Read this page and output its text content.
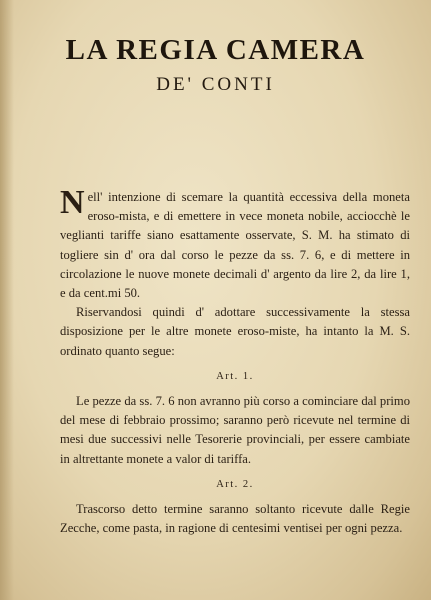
LA REGIA CAMERA
DE' CONTI

Nell' intenzione di scemare la quantità eccessiva della moneta eroso-mista, e di emettere in vece moneta nobile, acciocchè le veglianti tariffe siano esattamente osservate, S. M. ha stimato di togliere sin d' ora dal corso le pezze da ss. 7. 6, e di mettere in circolazione le nuove monete decimali d' argento da lire 2, da lire 1, e da cent.mi 50.

Riservandosi quindi d' adottare successivamente la stessa disposizione per le altre monete eroso-miste, ha intanto la M. S. ordinato quanto segue:

Art. 1.

Le pezze da ss. 7. 6 non avranno più corso a cominciare dal primo del mese di febbraio prossimo; saranno però ricevute nel termine di mesi due successivi nelle Tesorerie provinciali, per essere cambiate in altrettante monete a valor di tariffa.

Art. 2.

Trascorso detto termine saranno soltanto ricevute dalle Regie Zecche, come pasta, in ragione di centesimi ventisei per ogni pezza.
